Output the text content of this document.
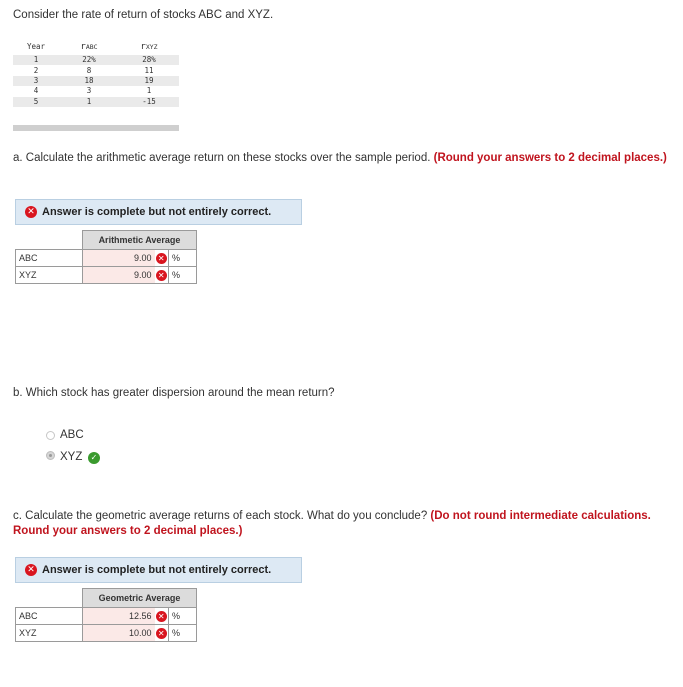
Consider the rate of return of stocks ABC and XYZ.
Year	rABC	rXYZ
1	22%	28%
2	8	11
3	18	19
4	3	1
5	1	-15
a. Calculate the arithmetic average return on these stocks over the sample period. (Round your answers to 2 decimal places.)
✕ Answer is complete but not entirely correct.
	Arithmetic Average		
ABC	9.00	✕	%
XYZ	9.00	✕	%
b. Which stock has greater dispersion around the mean return?
ABC
XYZ	✓
c. Calculate the geometric average returns of each stock. What do you conclude? (Do not round intermediate calculations. Round your answers to 2 decimal places.)
✕ Answer is complete but not entirely correct.
	Geometric Average		
ABC	12.56	✕	%
XYZ	10.00	✕	%
